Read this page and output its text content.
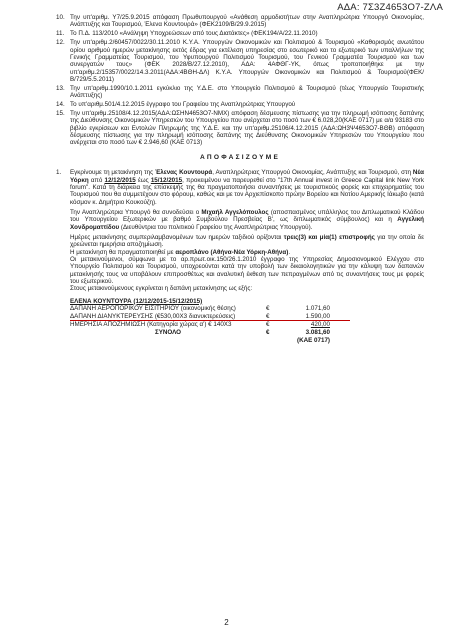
ΑΔΑ: 7Σ3Ζ4653Ο7-ΖΛΑ
10. Την υπ'αριθμ. Υ7/25.9.2015 απόφαση Πρωθυπουργού «Ανάθεση αρμοδιοτήτων στην Αναπληρώτρια Υπουργό Οικονομίας, Ανάπτυξης και Τουρισμού, Έλενα Κουντουρά» (ΦΕΚ2109/Β/29.9.2015)
11. Το Π.Δ. 113/2010 «Ανάληψη Υποχρεώσεων από τους Διατάκτες» (ΦΕΚ194/Α/22.11.2010)
12. Την υπ'αριθμ.2/60457/0022/30.11.2010 Κ.Υ.Α. Υπουργών Οικονομικών και Πολιτισμού & Τουρισμού «Καθορισμός ανωτάτου ορίου αριθμού ημερών μετακίνησης εκτός έδρας για εκτέλεση υπηρεσίας στο εσωτερικό και το εξωτερικό των υπαλλήλων της Γενικής Γραμματείας Τουρισμού, του Υφυπουργού Πολιτισμού Τουρισμού, του Γενικού Γραμματέα Τουρισμού και των συνεργατών τους» (ΦΕΚ 2028/Β/27.12.2010), ΑΔΑ: 4ΑΦΘΓ-ΥΚ, όπως τροποποιήθηκε με την υπ'αριθμ.2/15357/0022/14.3.2011(ΑΔΑ:4ΒΘΗ-ΔΛ) Κ.Υ.Α. Υπουργών Οικονομικών και Πολιτισμού & Τουρισμού(ΦΕΚ/Β/729/5.5.2011)
13. Την υπ'αριθμ.1990/10.1.2011 εγκύκλιο της Υ.Δ.Ε. στο Υπουργείο Πολιτισμού & Τουρισμού (τέως Υπουργείο Τουριστικής Ανάπτυξης)
14. Το υπ'αριθμ.501/4.12.2015 έγγραφο του Γραφείου της Αναπληρώτριας Υπουργού
15. Την υπ'αριθμ.25108/4.12.2015(ΑΔΑ:ΩΣΗΝ4653Ο7-ΝΜΧ) απόφαση δέσμευσης πίστωσης για την πληρωμή ισόποσης δαπάνης της Διεύθυνσης Οικονομικών Υπηρεσιών του Υπουργείου που ανέρχεται στο ποσό των € 6.028,20(ΚΑΕ 0717) με α/α 93183 στο βιβλίο εγκρίσεων και Εντολών Πληρωμής της Υ.Δ.Ε. και την υπ'αριθμ.25106/4.12.2015 (ΑΔΑ:ΩΗ3Ψ4653Ο7-ΒΘΒ) απόφαση δέσμευσης πίστωσης για την πληρωμή ισόποσης δαπάνης της Διεύθυνσης Οικονομικών Υπηρεσιών του Υπουργείου που ανέρχεται στο ποσό των € 2.946,60 (ΚΑΕ 0713)
ΑΠΟΦΑΣΙΖΟΥΜΕ
1.	Εγκρίνουμε τη μετακίνηση της Έλενας Κουντουρά, Αναπληρώτριας Υπουργού Οικονομίας, Ανάπτυξης και Τουρισμού, στη Νέα Υόρκη από 12/12/2015 έως 15/12/2015, προκειμένου να παρευρεθεί στο "17th Annual invest in Greece Capital link New York forum". Κατά τη διάρκεια της επίσκεψής της θα πραγματοποιήσει συναντήσεις με τουριστικούς φορείς και επιχειρηματίες του Τουρισμού που θα συμμετέχουν στο φόρουμ, καθώς και με τον Αρχιεπίσκοπο πρώην Βορείου και Νοτίου Αμερικής Ιάκωβο (κατά κόσμον κ. Δημήτριο Κουκούζη).
Την Αναπληρώτρια Υπουργό θα συνοδεύσει ο Μιχαήλ Αγγελόπουλος (αποσπασμένος υπάλληλος του Διπλωματικού Κλάδου του Υπουργείου Εξωτερικών με βαθμό Συμβούλου Πρεσβείας Β', ως διπλωματικός σύμβουλος) και η Αγγελική Χονδροματτίδου (Διευθύντρια του πολιτικού Γραφείου της Αναπληρώτριας Υπουργού).
Ημέρες μετακίνησης συμπεριλαμβανομένων των ημερών ταξιδιού ορίζονται τρεις(3) και μία(1) επιστροφής για την οποία δε χρεώνεται ημερήσια αποζημίωση.
Η μετακίνηση θα πραγματοποιηθεί με αεροπλάνο (Αθήνα-Νέα Υόρκη-Αθήνα).
Οι μετακινούμενοι, σύμφωνα με το αρ.πρωτ.οικ.150/26.1.2010 έγγραφο της Υπηρεσίας Δημοσιονομικού Ελέγχου στο Υπουργείο Πολιτισμού και Τουρισμού, υποχρεούνται κατά την υποβολή των δικαιολογητικών για την κάλυψη των δαπανών μετακίνησής τους να υποβάλουν επιπροσθέτως και αναλυτική έκθεση των πεπραγμένων από τις συναντήσεις τους με φορείς του εξωτερικού.
Στους μετακινούμενους εγκρίνεται η δαπάνη μετακίνησης ως εξής:
ΕΛΕΝΑ ΚΟΥΝΤΟΥΡΑ (12/12/2015-15/12/2015)
ΔΑΠΑΝΗ ΑΕΡΟΠΟΡΙΚΟΥ ΕΙΣΙΤΗΡΙΟΥ (οικονομικής θέσης)	€	1.071,60
ΔΑΠΑΝΗ ΔΙΑΝΥΚΤΕΡΕΥΣΗΣ (€530,00Χ3 διανυκτερεύσεις)	€	1.590,00
ΗΜΕΡΗΣΙΑ ΑΠΟΖΗΜΙΩΣΗ (Κατηγορία χώρας α') € 140Χ3	€	420,00
ΣΥΝΟΛΟ	€	3.081,60
(ΚΑΕ 0717)
2
